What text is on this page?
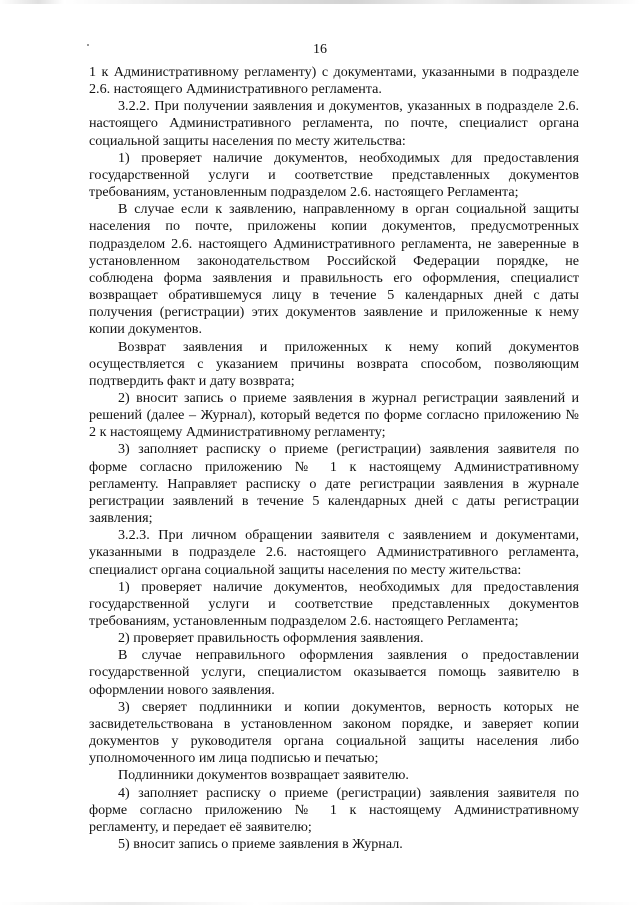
16

1 к Административному регламенту) с документами, указанными в подразделе 2.6. настоящего Административного регламента.

3.2.2. При получении заявления и документов, указанных в подразделе 2.6. настоящего Административного регламента, по почте, специалист органа социальной защиты населения по месту жительства:

1) проверяет наличие документов, необходимых для предоставления государственной услуги и соответствие представленных документов требованиям, установленным подразделом 2.6. настоящего Регламента;

В случае если к заявлению, направленному в орган социальной защиты населения по почте, приложены копии документов, предусмотренных подразделом 2.6. настоящего Административного регламента, не заверенные в установленном законодательством Российской Федерации порядке, не соблюдена форма заявления и правильность его оформления, специалист возвращает обратившемуся лицу в течение 5 календарных дней с даты получения (регистрации) этих документов заявление и приложенные к нему копии документов.

Возврат заявления и приложенных к нему копий документов осуществляется с указанием причины возврата способом, позволяющим подтвердить факт и дату возврата;

2) вносит запись о приеме заявления в журнал регистрации заявлений и решений (далее – Журнал), который ведется по форме согласно приложению № 2 к настоящему Административному регламенту;

3) заполняет расписку о приеме (регистрации) заявления заявителя по форме согласно приложению № 1 к настоящему Административному регламенту. Направляет расписку о дате регистрации заявления в журнале регистрации заявлений в течение 5 календарных дней с даты регистрации заявления;

3.2.3. При личном обращении заявителя с заявлением и документами, указанными в подразделе 2.6. настоящего Административного регламента, специалист органа социальной защиты населения по месту жительства:

1) проверяет наличие документов, необходимых для предоставления государственной услуги и соответствие представленных документов требованиям, установленным подразделом 2.6. настоящего Регламента;

2) проверяет правильность оформления заявления.

В случае неправильного оформления заявления о предоставлении государственной услуги, специалистом оказывается помощь заявителю в оформлении нового заявления.

3) сверяет подлинники и копии документов, верность которых не засвидетельствована в установленном законом порядке, и заверяет копии документов у руководителя органа социальной защиты населения либо уполномоченного им лица подписью и печатью;

Подлинники документов возвращает заявителю.

4) заполняет расписку о приеме (регистрации) заявления заявителя по форме согласно приложению № 1 к настоящему Административному регламенту, и передает её заявителю;

5) вносит запись о приеме заявления в Журнал.
